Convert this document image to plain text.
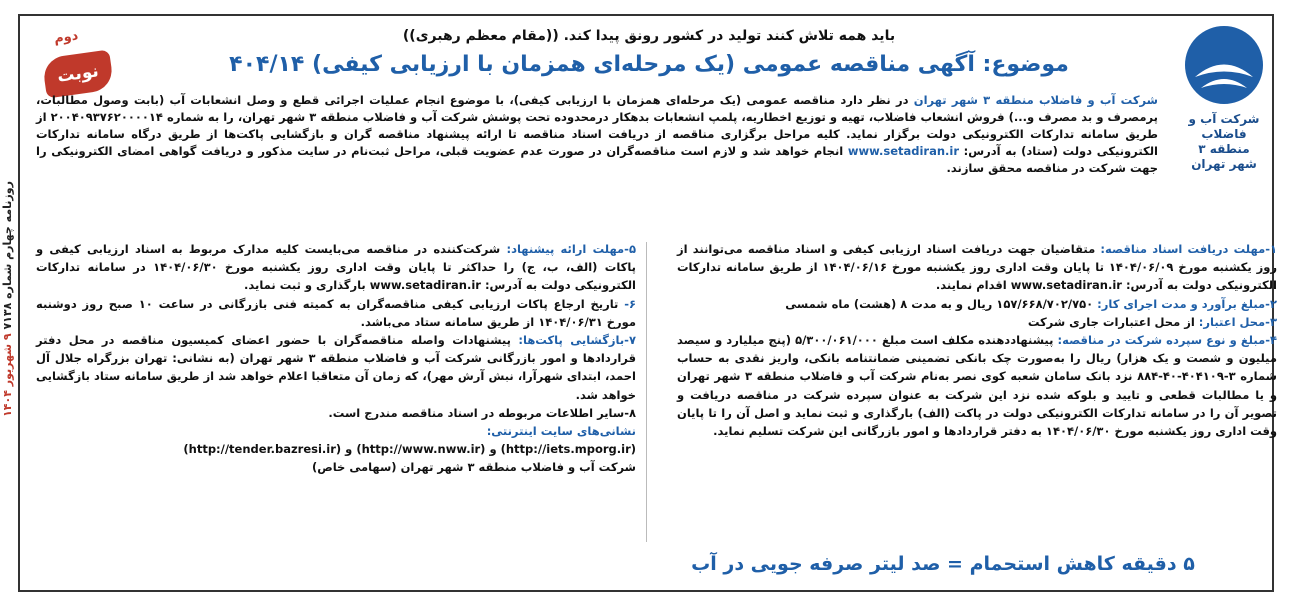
روزنامه چهارم شماره ۷۱۳۸ ۹ شهریور ۱۴۰۴
شرکت آب و فاضلاب
منطقه ۳
شهر تهران
دوم
نوبت
باید همه تلاش کنند تولید در کشور رونق پیدا کند. ((مقام معظم رهبری))
موضوع: آگهی مناقصه عمومی (یک مرحله‌ای همزمان با ارزیابی کیفی) ۴۰۴/۱۴
شرکت آب و فاضلاب منطقه ۳ شهر تهران در نظر دارد مناقصه عمومی (یک مرحله‌ای همزمان با ارزیابی کیفی)، با موضوع انجام عملیات اجرائی قطع و وصل انشعابات آب (بابت وصول مطالبات، پرمصرف و بد مصرف و...) فروش انشعاب فاضلاب، تهیه و توزیع اخطاریه، پلمپ انشعابات بدهکار درمحدوده تحت پوشش شرکت آب و فاضلاب منطقه ۳ شهر تهران، را به شماره ۲۰۰۴۰۹۳۷۶۲۰۰۰۰۱۴ از طریق سامانه تدارکات الکترونیکی دولت برگزار نماید. کلیه مراحل برگزاری مناقصه از دریافت اسناد مناقصه تا ارائه پیشنهاد مناقصه گران و بازگشایی پاکت‌ها از طریق درگاه سامانه تدارکات الکترونیکی دولت (ستاد) به آدرس: www.setadiran.ir انجام خواهد شد و لازم است مناقصه‌گران در صورت عدم عضویت قبلی، مراحل ثبت‌نام در سایت مذکور و دریافت گواهی امضای الکترونیکی را جهت شرکت در مناقصه محقق سازند.

۱-مهلت دریافت اسناد مناقصه: متقاضیان جهت دریافت اسناد ارزیابی کیفی و اسناد مناقصه می‌توانند از روز یکشنبه مورخ ۱۴۰۴/۰۶/۰۹ تا پایان وقت اداری روز یکشنبه مورخ ۱۴۰۴/۰۶/۱۶ از طریق سامانه تدارکات الکترونیکی دولت به آدرس: www.setadiran.ir اقدام نمایند.

۲-مبلغ برآورد و مدت اجرای کار: ۱۵۷/۶۶۸/۷۰۲/۷۵۰ ریال و به مدت ۸ (هشت) ماه شمسی

۳-محل اعتبار: از محل اعتبارات جاری شرکت

۴-مبلغ و نوع سپرده شرکت در مناقصه: پیشنهاددهنده مکلف است مبلغ ۵/۳۰۰/۰۶۱/۰۰۰ (پنج میلیارد و سیصد میلیون و شصت و یک هزار) ریال را به‌صورت چک بانکی تضمینی ضمانتنامه بانکی، واریز نقدی به حساب شماره ۳-۴۰۴۱۰۹-۴۰-۸۸۴ نزد بانک سامان شعبه کوی نصر به‌نام شرکت آب و فاضلاب منطقه ۳ شهر تهران و یا مطالبات قطعی و تایید و بلوکه شده نزد این شرکت به عنوان سپرده شرکت در مناقصه دریافت و تصویر آن را در سامانه تدارکات الکترونیکی دولت در پاکت (الف) بارگذاری و ثبت نماید و اصل آن را تا پایان وقت اداری روز یکشنبه مورخ ۱۴۰۴/۰۶/۳۰ به دفتر قراردادها و امور بازرگانی این شرکت تسلیم نماید.

۵-مهلت ارائه پیشنهاد: شرکت‌کننده در مناقصه می‌بایست کلیه مدارک مربوط به اسناد ارزیابی کیفی و پاکات (الف، ب، ج) را حداکثر تا پایان وقت اداری روز یکشنبه مورخ ۱۴۰۴/۰۶/۳۰ در سامانه تدارکات الکترونیکی دولت به آدرس: www.setadiran.ir بارگذاری و ثبت نماید.

۶- تاریخ ارجاع پاکات ارزیابی کیفی مناقصه‌گران به کمیته فنی بازرگانی در ساعت ۱۰ صبح روز دوشنبه مورخ ۱۴۰۴/۰۶/۳۱ از طریق سامانه ستاد می‌باشد.

۷-بازگشایی پاکت‌ها: پیشنهادات واصله مناقصه‌گران با حضور اعضای کمیسیون مناقصه در محل دفتر قراردادها و امور بازرگانی شرکت آب و فاضلاب منطقه ۳ شهر تهران (به نشانی: تهران بزرگراه جلال آل احمد، ابتدای شهرآرا، نبش آرش مهر)، که زمان آن متعاقبا اعلام خواهد شد از طریق سامانه ستاد بازگشایی خواهد شد.

۸-سایر اطلاعات مربوطه در اسناد مناقصه مندرج است.

نشانی‌های سایت اینترنتی:

(http://tender.bazresi.ir) و (http://www.nww.ir) و (http://iets.mporg.ir)

شرکت آب و فاضلاب منطقه ۳ شهر تهران (سهامی خاص)

۵ دقیقه کاهش استحمام = صد لیتر صرفه جویی در آب
